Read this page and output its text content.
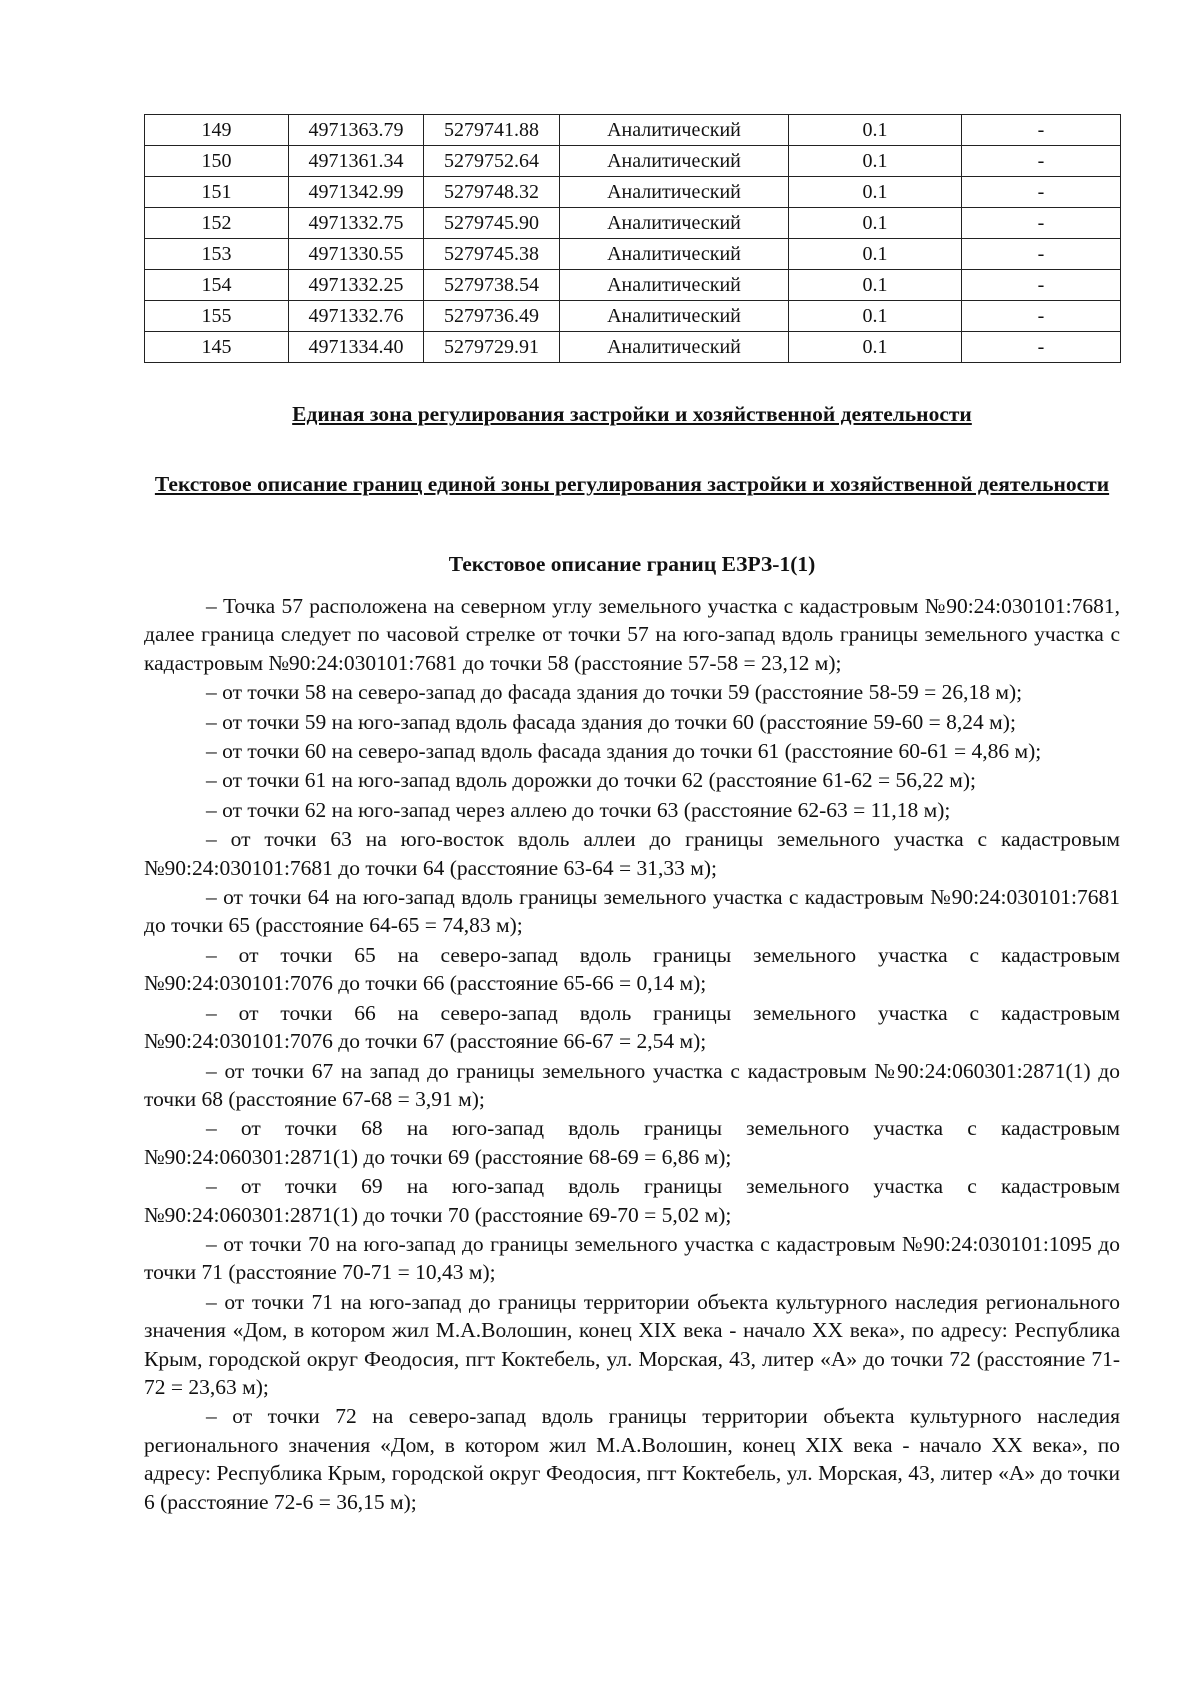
149	4971363.79	5279741.88	Аналитический	0.1	-
150	4971361.34	5279752.64	Аналитический	0.1	-
151	4971342.99	5279748.32	Аналитический	0.1	-
152	4971332.75	5279745.90	Аналитический	0.1	-
153	4971330.55	5279745.38	Аналитический	0.1	-
154	4971332.25	5279738.54	Аналитический	0.1	-
155	4971332.76	5279736.49	Аналитический	0.1	-
145	4971334.40	5279729.91	Аналитический	0.1	-
Единая зона регулирования застройки и хозяйственной деятельности
Текстовое описание границ единой зоны регулирования застройки и хозяйственной деятельности
Текстовое описание границ ЕЗРЗ-1(1)

– Точка 57 расположена на северном углу земельного участка с кадастровым №90:24:030101:7681, далее граница следует по часовой стрелке от точки 57 на юго-запад вдоль границы земельного участка с кадастровым №90:24:030101:7681 до точки 58 (расстояние 57-58 = 23,12 м);

– от точки 58 на северо-запад до фасада здания до точки 59 (расстояние 58-59 = 26,18 м);

– от точки 59 на юго-запад вдоль фасада здания до точки 60 (расстояние 59-60 = 8,24 м);

– от точки 60 на северо-запад вдоль фасада здания до точки 61 (расстояние 60-61 = 4,86 м);

– от точки 61 на юго-запад вдоль дорожки до точки 62 (расстояние 61-62 = 56,22 м);

– от точки 62 на юго-запад через аллею до точки 63 (расстояние 62-63 = 11,18 м);

– от точки 63 на юго-восток вдоль аллеи до границы земельного участка с кадастровым №90:24:030101:7681 до точки 64 (расстояние 63-64 = 31,33 м);

– от точки 64 на юго-запад вдоль границы земельного участка с кадастровым №90:24:030101:7681 до точки 65 (расстояние 64-65 = 74,83 м);

– от точки 65 на северо-запад вдоль границы земельного участка с кадастровым №90:24:030101:7076 до точки 66 (расстояние 65-66 = 0,14 м);

– от точки 66 на северо-запад вдоль границы земельного участка с кадастровым №90:24:030101:7076 до точки 67 (расстояние 66-67 = 2,54 м);

– от точки 67 на запад до границы земельного участка с кадастровым №90:24:060301:2871(1) до точки 68 (расстояние 67-68 = 3,91 м);

– от точки 68 на юго-запад вдоль границы земельного участка с кадастровым №90:24:060301:2871(1) до точки 69 (расстояние 68-69 = 6,86 м);

– от точки 69 на юго-запад вдоль границы земельного участка с кадастровым №90:24:060301:2871(1) до точки 70 (расстояние 69-70 = 5,02 м);

– от точки 70 на юго-запад до границы земельного участка с кадастровым №90:24:030101:1095 до точки 71 (расстояние 70-71 = 10,43 м);

– от точки 71 на юго-запад до границы территории объекта культурного наследия регионального значения «Дом, в котором жил М.А.Волошин, конец XIX века - начало XX века», по адресу: Республика Крым, городской округ Феодосия, пгт Коктебель, ул. Морская, 43, литер «А» до точки 72 (расстояние 71-72 = 23,63 м);

– от точки 72 на северо-запад вдоль границы территории объекта культурного наследия регионального значения «Дом, в котором жил М.А.Волошин, конец XIX века - начало XX века», по адресу: Республика Крым, городской округ Феодосия, пгт Коктебель, ул. Морская, 43, литер «А» до точки 6 (расстояние 72-6 = 36,15 м);
